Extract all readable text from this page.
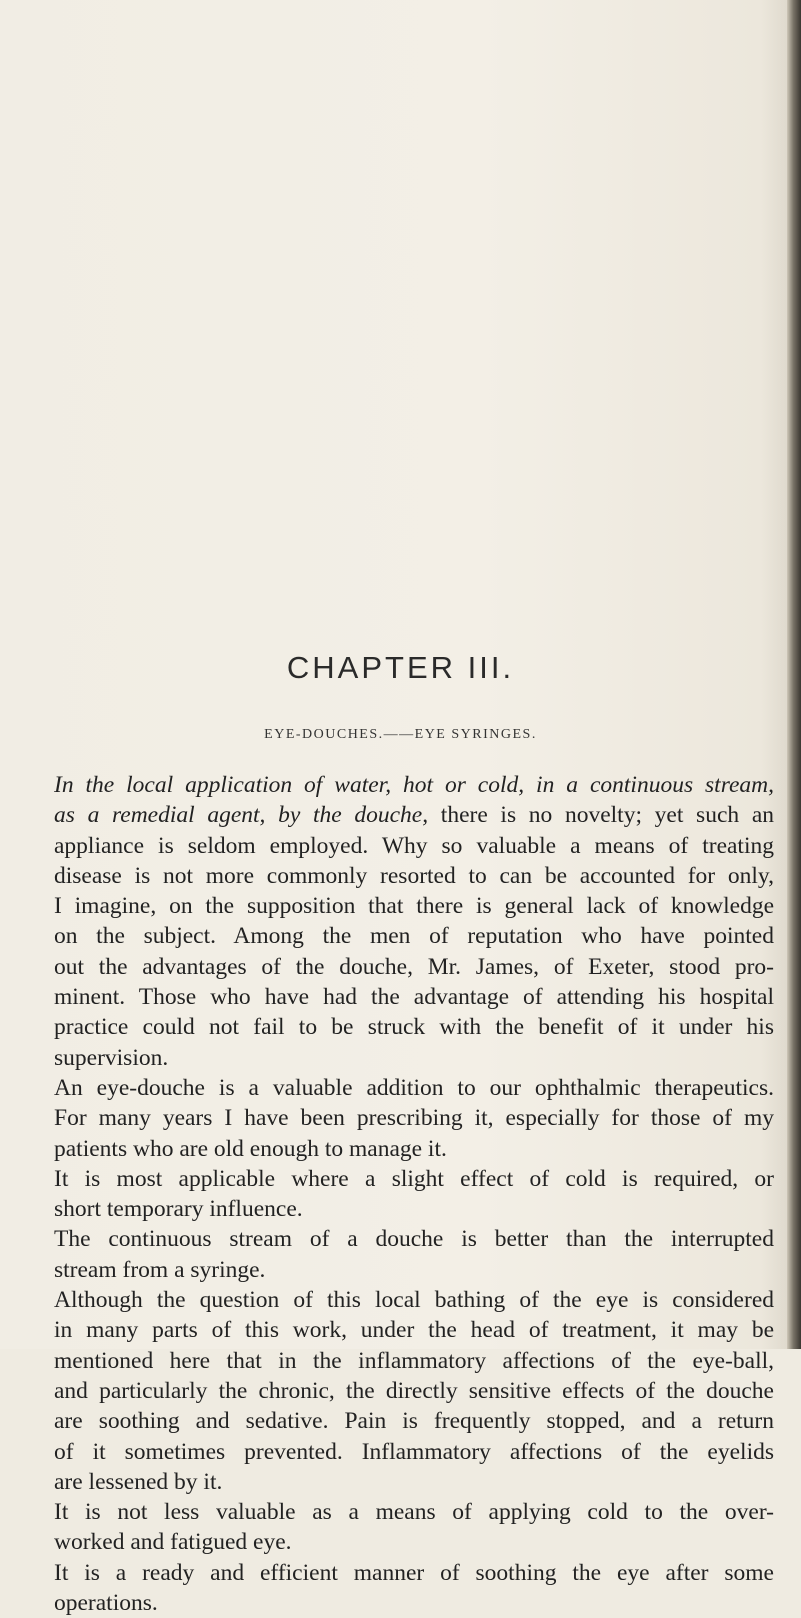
CHAPTER III.

EYE-DOUCHES.——EYE SYRINGES.

In the local application of water, hot or cold, in a continuous stream,
as a remedial agent, by the douche, there is no novelty; yet such an
appliance is seldom employed. Why so valuable a means of treating
disease is not more commonly resorted to can be accounted for only,
I imagine, on the supposition that there is general lack of knowledge
on the subject. Among the men of reputation who have pointed
out the advantages of the douche, Mr. James, of Exeter, stood pro-
minent. Those who have had the advantage of attending his hospital
practice could not fail to be struck with the benefit of it under his
supervision.
An eye-douche is a valuable addition to our ophthalmic therapeutics.
For many years I have been prescribing it, especially for those of my
patients who are old enough to manage it.
It is most applicable where a slight effect of cold is required, or
short temporary influence.
The continuous stream of a douche is better than the interrupted
stream from a syringe.
Although the question of this local bathing of the eye is considered
in many parts of this work, under the head of treatment, it may be
mentioned here that in the inflammatory affections of the eye-ball,
and particularly the chronic, the directly sensitive effects of the douche
are soothing and sedative. Pain is frequently stopped, and a return
of it sometimes prevented. Inflammatory affections of the eyelids
are lessened by it.
It is not less valuable as a means of applying cold to the over-
worked and fatigued eye.
It is a ready and efficient manner of soothing the eye after some
operations.
